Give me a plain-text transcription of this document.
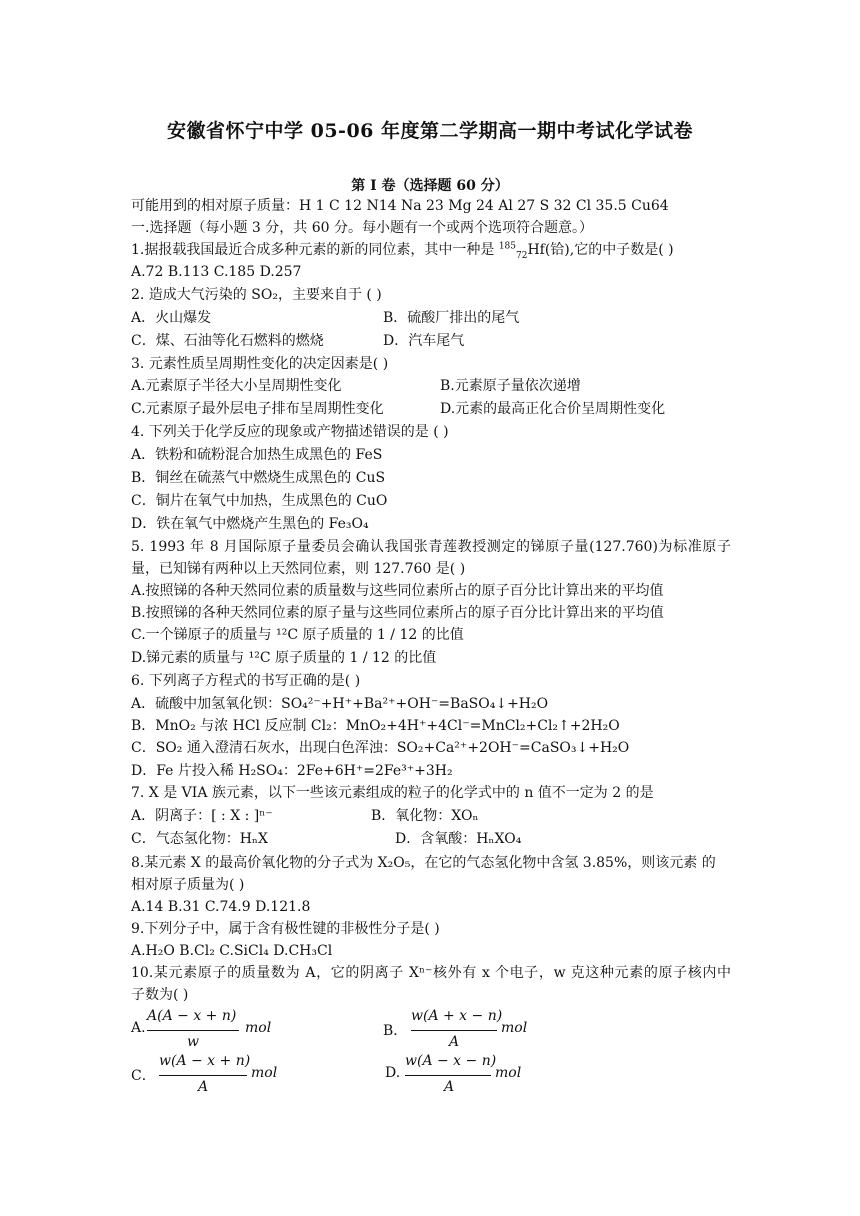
安徽省怀宁中学 05-06 年度第二学期高一期中考试化学试卷
第 I 卷（选择题 60 分）
可能用到的相对原子质量：H 1 C 12 N14 Na 23 Mg 24 Al 27 S 32 Cl 35.5 Cu64
一.选择题（每小题 3 分，共 60 分。每小题有一个或两个选项符合题意。）
1.据报载我国最近合成多种元素的新的同位素，其中一种是 $^{185}_{72}$Hf(铪),它的中子数是( )
A.72 B.113 C.185 D.257
2. 造成大气污染的 SO₂，主要来自于 ( )
A．火山爆发	B．硫酸厂排出的尾气
C．煤、石油等化石燃料的燃烧	D．汽车尾气
3. 元素性质呈周期性变化的决定因素是( )
A.元素原子半径大小呈周期性变化	B.元素原子量依次递增
C.元素原子最外层电子排布呈周期性变化	D.元素的最高正化合价呈周期性变化
4. 下列关于化学反应的现象或产物描述错误的是 ( )
A．铁粉和硫粉混合加热生成黑色的 FeS
B．铜丝在硫蒸气中燃烧生成黑色的 CuS
C．铜片在氧气中加热，生成黑色的 CuO
D．铁在氧气中燃烧产生黑色的 Fe₃O₄
5. 1993 年 8 月国际原子量委员会确认我国张青莲教授测定的锑原子量(127.760)为标准原子
量，已知锑有两种以上天然同位素，则 127.760 是( )
A.按照锑的各种天然同位素的质量数与这些同位素所占的原子百分比计算出来的平均值
B.按照锑的各种天然同位素的原子量与这些同位素所占的原子百分比计算出来的平均值
C.一个锑原子的质量与 ¹²C 原子质量的 1 / 12 的比值
D.锑元素的质量与 ¹²C 原子质量的 1 / 12 的比值
6. 下列离子方程式的书写正确的是( )
A．硫酸中加氢氧化钡：SO₄²⁻+H⁺+Ba²⁺+OH⁻=BaSO₄↓+H₂O
B．MnO₂ 与浓 HCl 反应制 Cl₂：MnO₂+4H⁺+4Cl⁻=MnCl₂+Cl₂↑+2H₂O
C．SO₂ 通入澄清石灰水，出现白色浑浊：SO₂+Ca²⁺+2OH⁻=CaSO₃↓+H₂O
D．Fe 片投入稀 H₂SO₄：2Fe+6H⁺=2Fe³⁺+3H₂
7. X 是 VIA 族元素，以下一些该元素组成的粒子的化学式中的 n 值不一定为 2 的是
A．阴离子：[ : X : ]ⁿ⁻	B．氧化物：XOₙ
C．气态氢化物：HₙX	D．含氧酸：HₙXO₄
8.某元素 X 的最高价氧化物的分子式为 X₂O₅，在它的气态氢化物中含氢 3.85%，则该元素 的
相对原子质量为( )
A.14 B.31 C.74.9 D.121.8
9.下列分子中，属于含有极性键的非极性分子是( )
A.H₂O B.Cl₂ C.SiCl₄ D.CH₃Cl
10.某元素原子的质量数为 A，它的阴离子 Xⁿ⁻核外有 x 个电子，w 克这种元素的原子核内中
子数为( )
A.
A(A − x + n)
w
mol	B．
w(A + x − n)
A
mol
C．
w(A − x + n)
A
mol	D.
w(A − x − n)
A
mol
